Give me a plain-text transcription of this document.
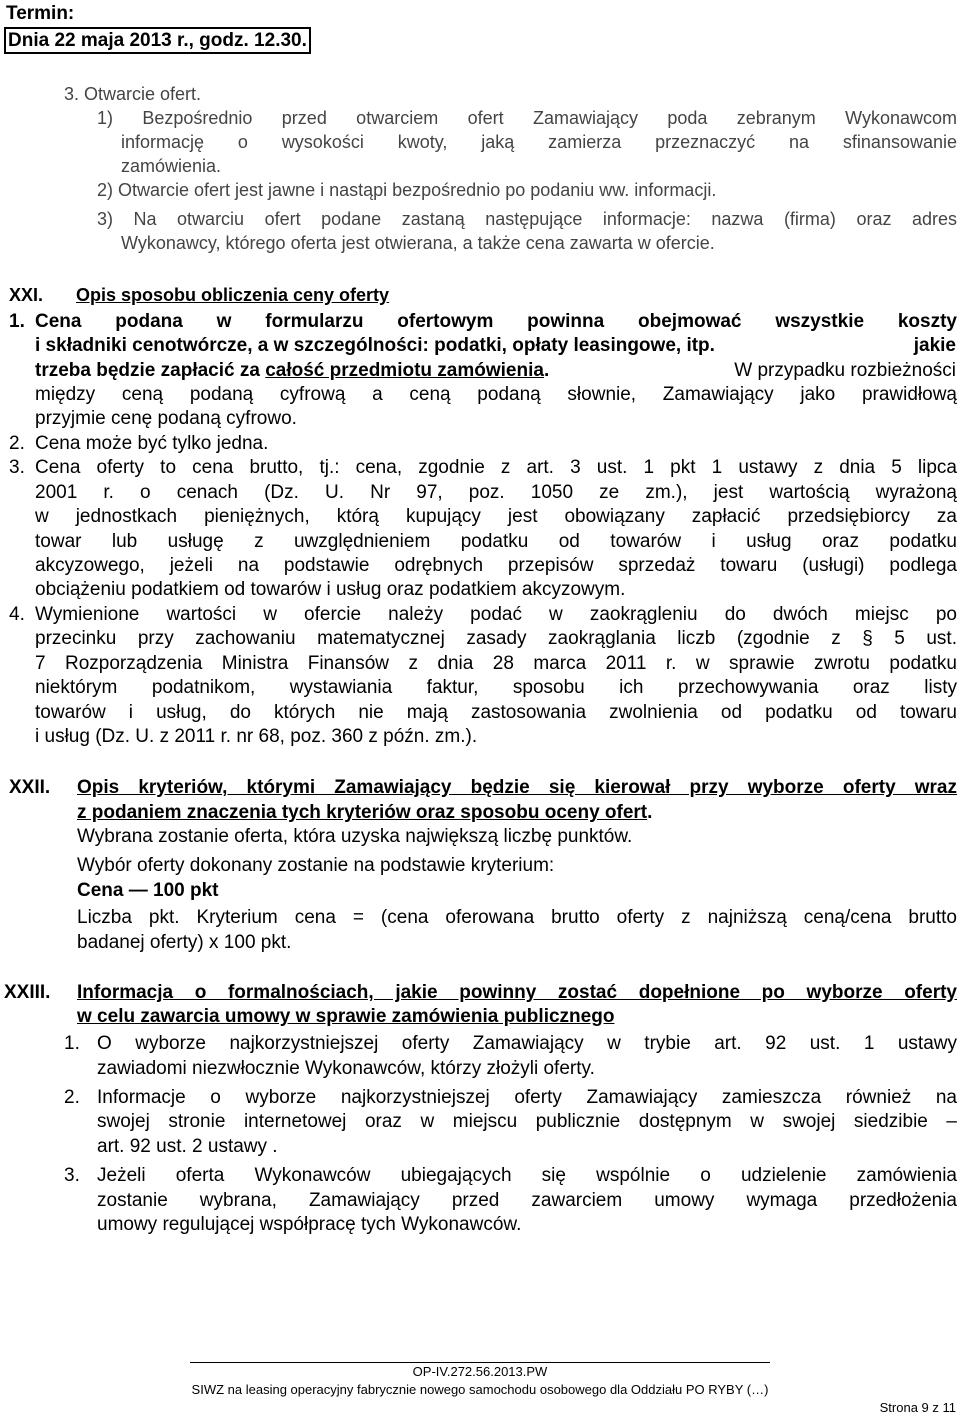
Termin:
Dnia 22 maja 2013 r., godz. 12.30.
3. Otwarcie ofert.
1) Bezpośrednio przed otwarciem ofert Zamawiający poda zebranym Wykonawcom
informację o wysokości kwoty, jaką zamierza przeznaczyć na sfinansowanie
zamówienia.
2) Otwarcie ofert jest jawne i nastąpi bezpośrednio po podaniu ww. informacji.
3) Na otwarciu ofert podane zastaną następujące informacje: nazwa (firma) oraz adres
Wykonawcy, którego oferta jest otwierana, a także cena zawarta w ofercie.
XXI. Opis sposobu obliczenia ceny oferty
1. Cena podana w formularzu ofertowym powinna obejmować wszystkie koszty
i składniki cenotwórcze, a w szczególności: podatki, opłaty leasingowe, itp.	jakie
trzeba będzie zapłacić za całość przedmiotu zamówienia.	W przypadku rozbieżności
między ceną podaną cyfrową a ceną podaną słownie, Zamawiający jako prawidłową
przyjmie cenę podaną cyfrowo.
2. Cena może być tylko jedna.
3. Cena oferty to cena brutto, tj.: cena, zgodnie z art. 3 ust. 1 pkt 1 ustawy z dnia 5 lipca
2001 r. o cenach (Dz. U. Nr 97, poz. 1050 ze zm.), jest wartością wyrażoną
w jednostkach pieniężnych, którą kupujący jest obowiązany zapłacić przedsiębiorcy za
towar lub usługę z uwzględnieniem podatku od towarów i usług oraz podatku
akcyzowego, jeżeli na podstawie odrębnych przepisów sprzedaż towaru (usługi) podlega
obciążeniu podatkiem od towarów i usług oraz podatkiem akcyzowym.
4. Wymienione wartości w ofercie należy podać w zaokrągleniu do dwóch miejsc po
przecinku przy zachowaniu matematycznej zasady zaokrąglania liczb (zgodnie z § 5 ust.
7 Rozporządzenia Ministra Finansów z dnia 28 marca 2011 r. w sprawie zwrotu podatku
niektórym podatnikom, wystawiania faktur, sposobu ich przechowywania oraz listy
towarów i usług, do których nie mają zastosowania zwolnienia od podatku od towaru
i usług (Dz. U. z 2011 r. nr 68, poz. 360 z późn. zm.).
XXII. Opis kryteriów, którymi Zamawiający będzie się kierował przy wyborze oferty wraz
z podaniem znaczenia tych kryteriów oraz sposobu oceny ofert.
Wybrana zostanie oferta, która uzyska największą liczbę punktów.
Wybór oferty dokonany zostanie na podstawie kryterium:
Cena — 100 pkt
Liczba pkt. Kryterium cena = (cena oferowana brutto oferty z najniższą ceną/cena brutto
badanej oferty) x 100 pkt.
XXIII. Informacja o formalnościach, jakie powinny zostać dopełnione po wyborze oferty
w celu zawarcia umowy w sprawie zamówienia publicznego
1. O wyborze najkorzystniejszej oferty Zamawiający w trybie art. 92 ust. 1 ustawy
zawiadomi niezwłocznie Wykonawców, którzy złożyli oferty.
2. Informacje o wyborze najkorzystniejszej oferty Zamawiający zamieszcza również na
swojej stronie internetowej oraz w miejscu publicznie dostępnym w swojej siedzibie –
art. 92 ust. 2 ustawy .
3. Jeżeli oferta Wykonawców ubiegających się wspólnie o udzielenie zamówienia
zostanie wybrana, Zamawiający przed zawarciem umowy wymaga przedłożenia
umowy regulującej współpracę tych Wykonawców.
OP-IV.272.56.2013.PW
SIWZ na leasing operacyjny fabrycznie nowego samochodu osobowego dla Oddziału PO RYBY (…)
Strona 9 z 11
